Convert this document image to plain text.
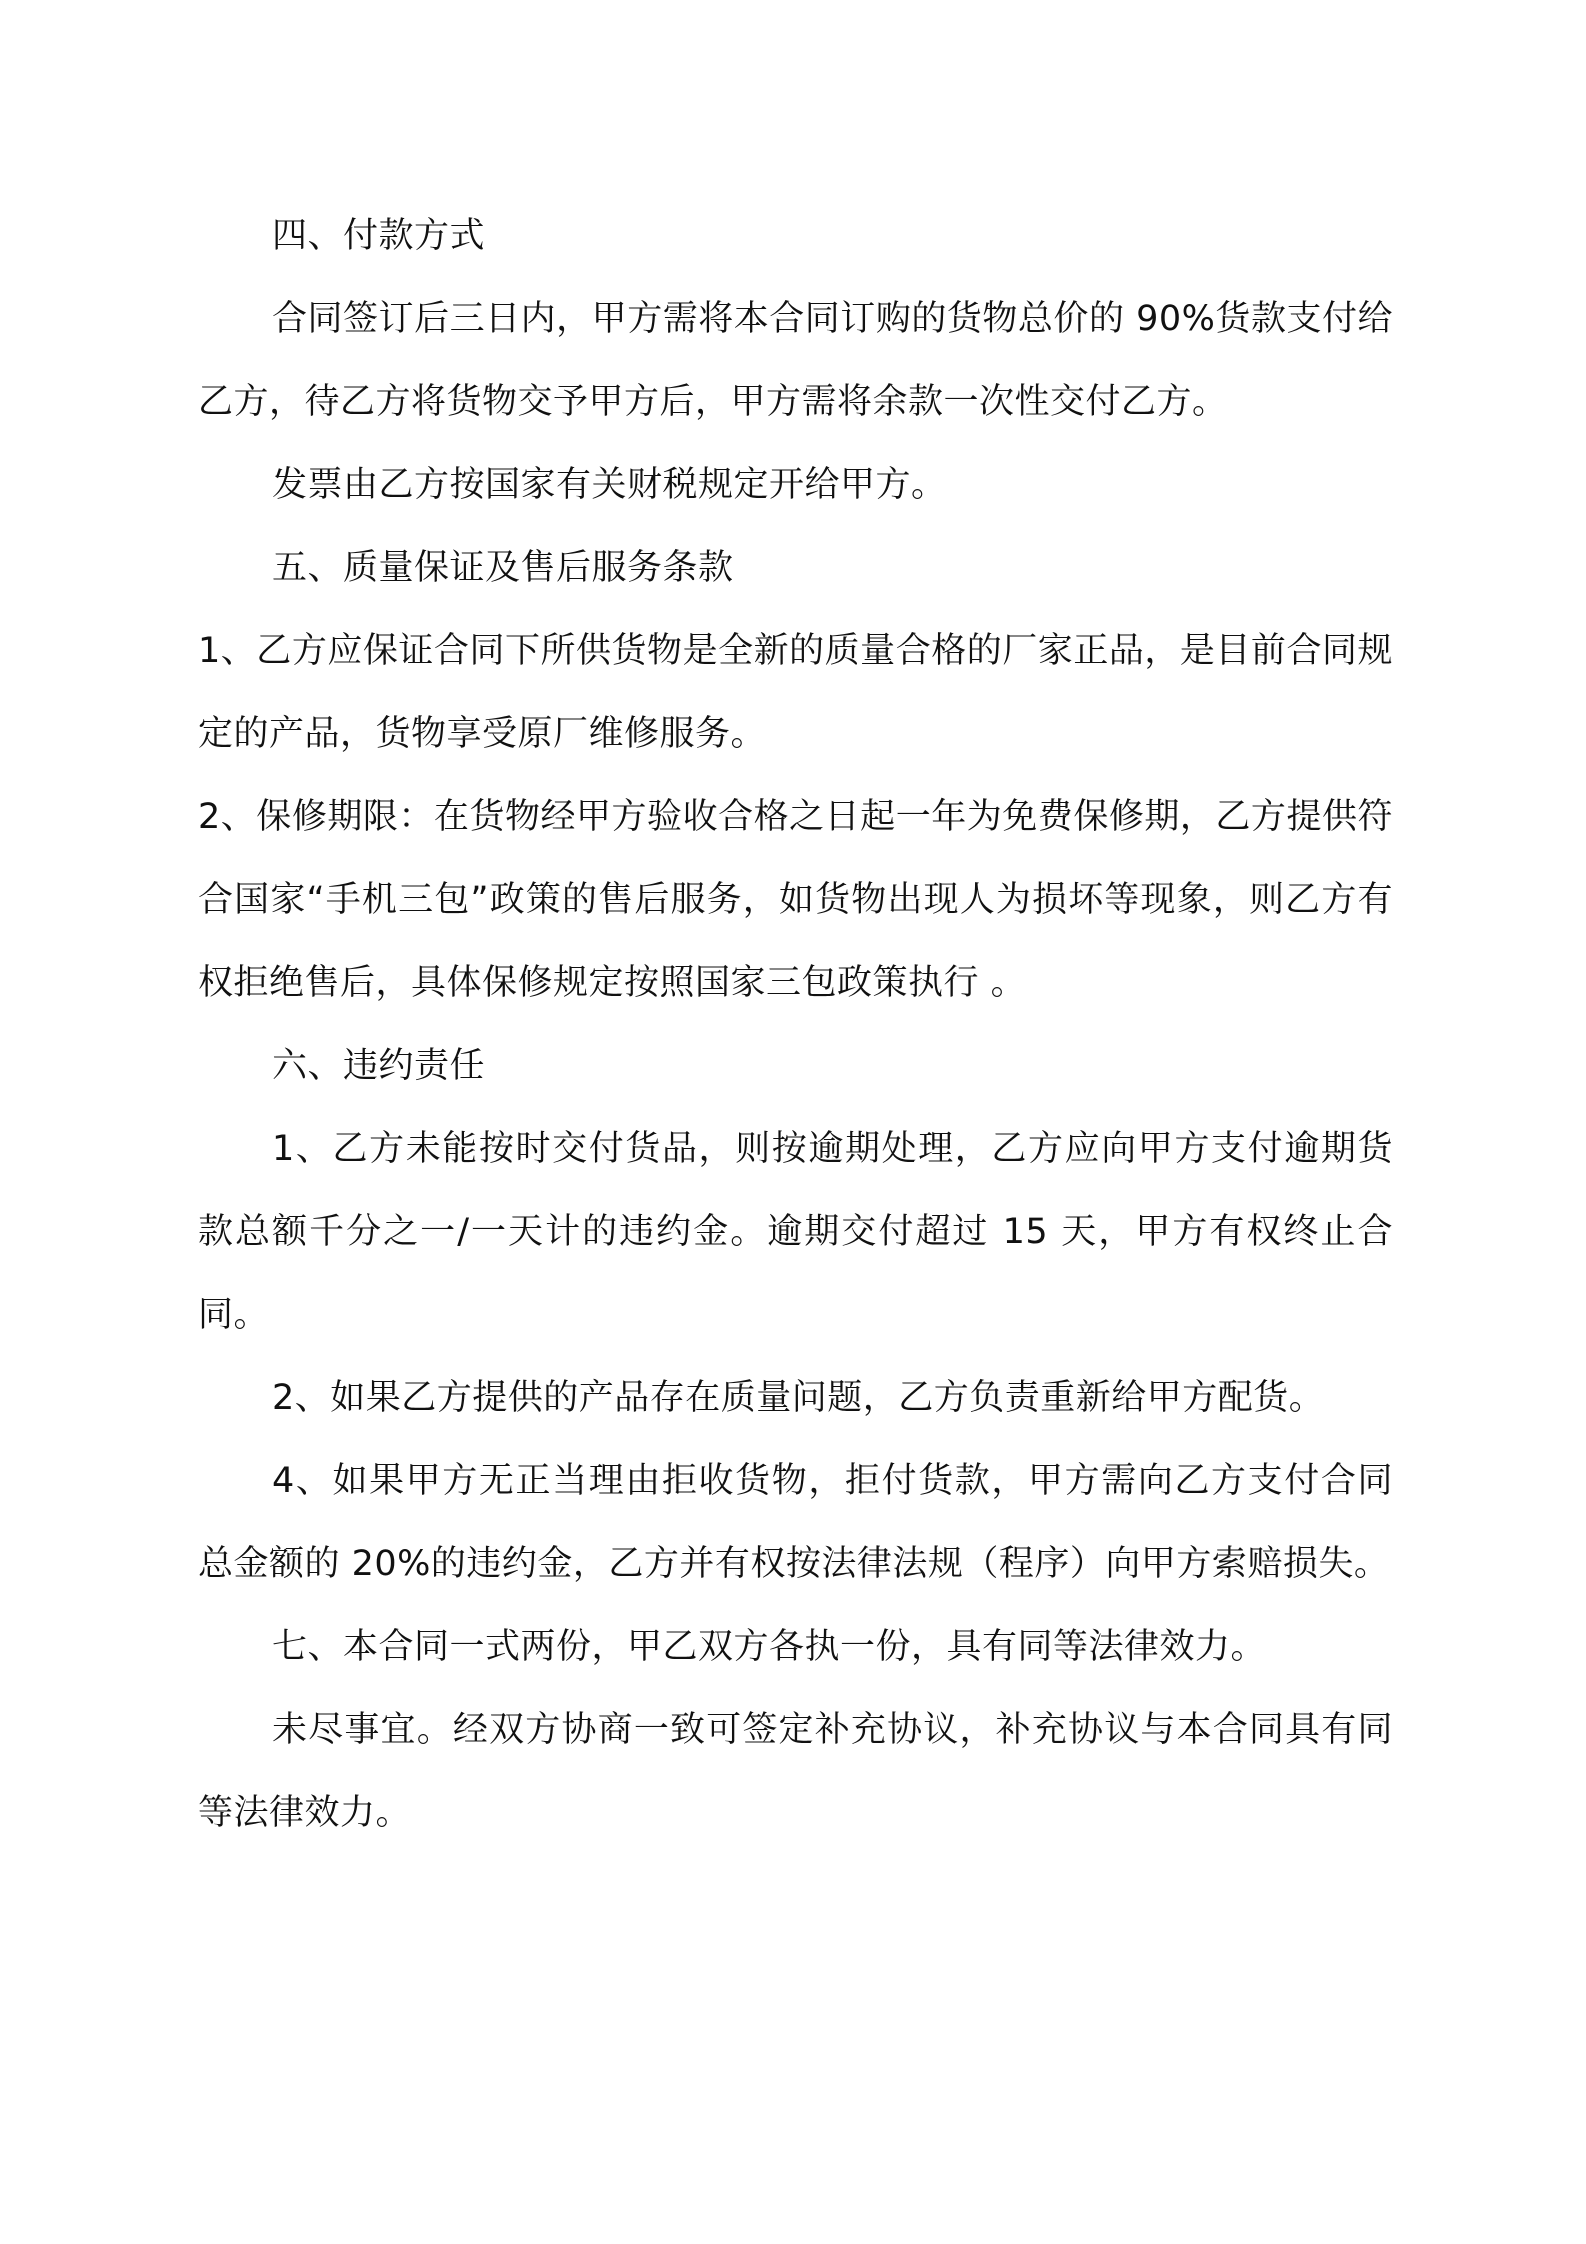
四、付款方式

合同签订后三日内，甲方需将本合同订购的货物总价的 90%货款支付给乙方，待乙方将货物交予甲方后，甲方需将余款一次性交付乙方。

发票由乙方按国家有关财税规定开给甲方。

五、质量保证及售后服务条款

1、乙方应保证合同下所供货物是全新的质量合格的厂家正品，是目前合同规定的产品，货物享受原厂维修服务。

2、保修期限：在货物经甲方验收合格之日起一年为免费保修期，乙方提供符合国家“手机三包”政策的售后服务，如货物出现人为损坏等现象，则乙方有权拒绝售后，具体保修规定按照国家三包政策执行 。

六、违约责任

1、乙方未能按时交付货品，则按逾期处理，乙方应向甲方支付逾期货款总额千分之一/一天计的违约金。逾期交付超过 15 天，甲方有权终止合同。

2、如果乙方提供的产品存在质量问题，乙方负责重新给甲方配货。

4、如果甲方无正当理由拒收货物，拒付货款，甲方需向乙方支付合同总金额的 20%的违约金，乙方并有权按法律法规（程序）向甲方索赔损失。

七、本合同一式两份，甲乙双方各执一份，具有同等法律效力。

未尽事宜。经双方协商一致可签定补充协议，补充协议与本合同具有同等法律效力。
